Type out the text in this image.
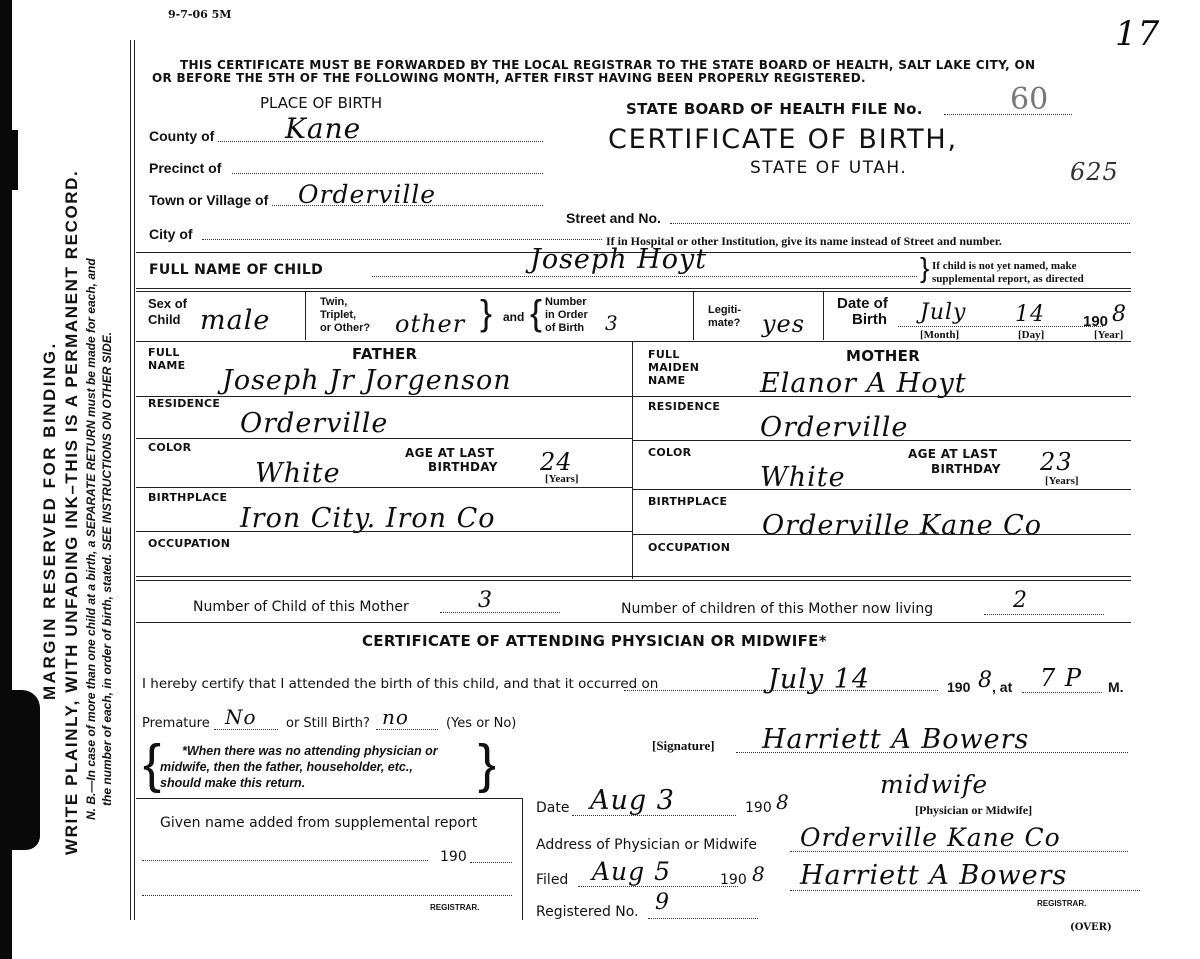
9-7-06 5M	17
625
MARGIN RESERVED FOR BINDING. WRITE PLAINLY, WITH UNFADING INK–THIS IS A PERMANENT RECORD. N. B.—In case of more than one child at a birth, a SEPARATE RETURN must be made for each, and the number of each, in order of birth, stated. SEE INSTRUCTIONS ON OTHER SIDE.
THIS CERTIFICATE MUST BE FORWARDED BY THE LOCAL REGISTRAR TO THE STATE BOARD OF HEALTH, SALT LAKE CITY, ON
OR BEFORE THE 5TH OF THE FOLLOWING MONTH, AFTER FIRST HAVING BEEN PROPERLY REGISTERED.
PLACE OF BIRTH
County of	Kane
Precinct of
Town or Village of Orderville
City of
STATE BOARD OF HEALTH FILE No.	60
CERTIFICATE OF BIRTH,
STATE OF UTAH.
Street and No.
If in Hospital or other Institution, give its name instead of Street and number.
FULL NAME OF CHILD	Joseph Hoyt	} If child is not yet named, make
supplemental report, as directed
Sex of
Child male
Twin,
Triplet,
or Other? other } and { Number
in Order
of Birth 3
Legiti-
mate? yes
Date of
Birth July 14	190 8
[Month]	[Day]	[Year]
FULL
NAME
FATHER
Joseph Jr Jorgenson
RESIDENCE
Orderville
COLOR	AGE AT LAST
BIRTHDAY
White	24
[Years]
BIRTHPLACE
Iron City. Iron Co
OCCUPATION
FULL
MAIDEN
NAME
MOTHER
Elanor A Hoyt
RESIDENCE
Orderville
COLOR	AGE AT LAST
BIRTHDAY
White	23
[Years]
BIRTHPLACE
Orderville Kane Co
OCCUPATION
Number of Child of this Mother	3	Number of children of this Mother now living	2
CERTIFICATE OF ATTENDING PHYSICIAN OR MIDWIFE*
I hereby certify that I attended the birth of this child, and that it occurred on	July 14	190 8 , at 7 P M.
Premature No or Still Birth? no	(Yes or No)
{ *When there was no attending physician or
midwife, then the father, householder, etc.,
should make this return.	}	[Signature] Harriett A Bowers
midwife
[Physician or Midwife]
Given name added from supplemental report
190
REGISTRAR.
Date Aug 3	190 8
Address of Physician or Midwife Orderville Kane Co
Filed Aug 5	190 8 Harriett A Bowers
REGISTRAR.
Registered No. 9
(OVER)
